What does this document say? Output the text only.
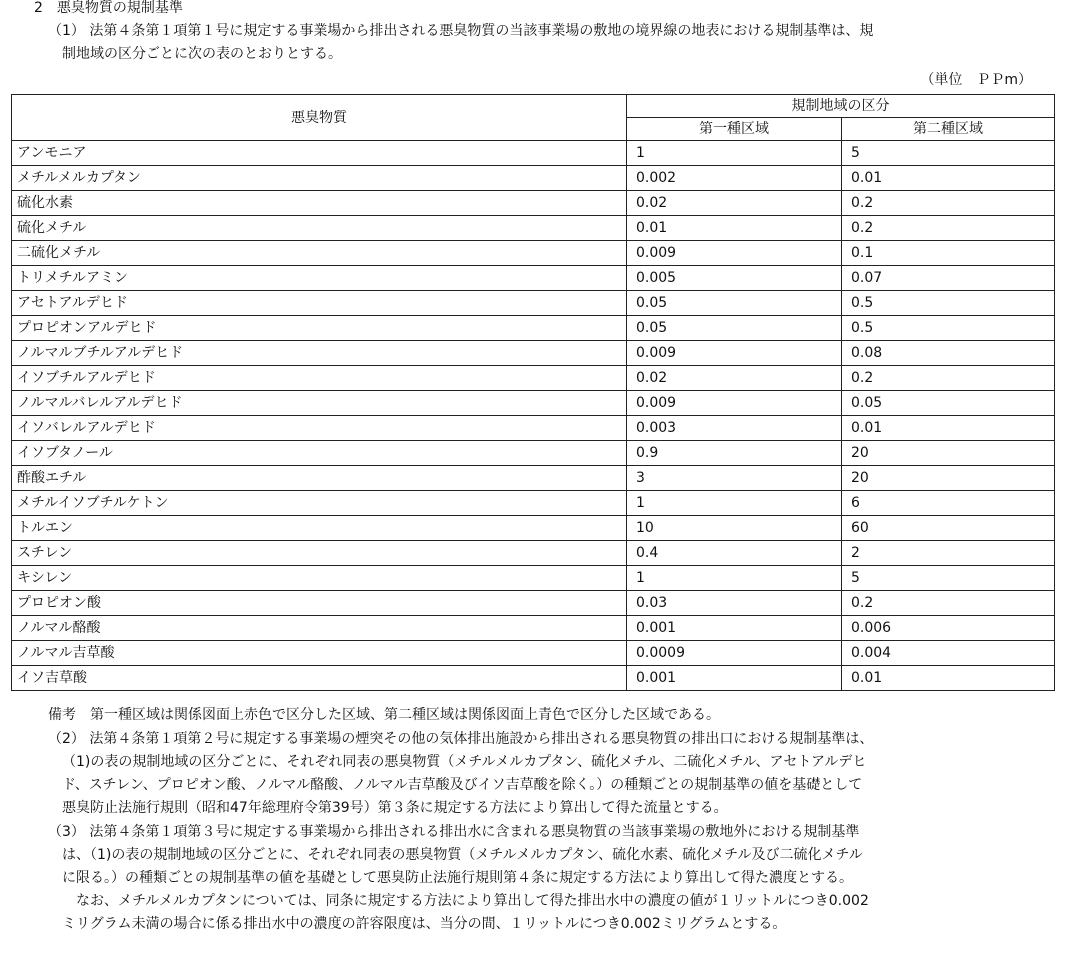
2　悪臭物質の規制基準
（1） 法第４条第１項第１号に規定する事業場から排出される悪臭物質の当該事業場の敷地の境界線の地表における規制基準は、規
制地域の区分ごとに次の表のとおりとする。
（単位　ＰＰm）
悪臭物質	規制地域の区分	
	第一種区域	第二種区域
アンモニア	1	5
メチルメルカプタン	0.002	0.01
硫化水素	0.02	0.2
硫化メチル	0.01	0.2
二硫化メチル	0.009	0.1
トリメチルアミン	0.005	0.07
アセトアルデヒド	0.05	0.5
プロピオンアルデヒド	0.05	0.5
ノルマルブチルアルデヒド	0.009	0.08
イソブチルアルデヒド	0.02	0.2
ノルマルバレルアルデヒド	0.009	0.05
イソバレルアルデヒド	0.003	0.01
イソブタノール	0.9	20
酢酸エチル	3	20
メチルイソブチルケトン	1	6
トルエン	10	60
スチレン	0.4	2
キシレン	1	5
プロピオン酸	0.03	0.2
ノルマル酪酸	0.001	0.006
ノルマル吉草酸	0.0009	0.004
イソ吉草酸	0.001	0.01
備考　第一種区域は関係図面上赤色で区分した区域、第二種区域は関係図面上青色で区分した区域である。
（2） 法第４条第１項第２号に規定する事業場の煙突その他の気体排出施設から排出される悪臭物質の排出口における規制基準は、
（1)の表の規制地域の区分ごとに、それぞれ同表の悪臭物質（メチルメルカプタン、硫化メチル、二硫化メチル、アセトアルデヒ
ド、スチレン、プロピオン酸、ノルマル酪酸、ノルマル吉草酸及びイソ吉草酸を除く。）の種類ごとの規制基準の値を基礎として
悪臭防止法施行規則（昭和47年総理府令第39号）第３条に規定する方法により算出して得た流量とする。
（3） 法第４条第１項第３号に規定する事業場から排出される排出水に含まれる悪臭物質の当該事業場の敷地外における規制基準
は、（1)の表の規制地域の区分ごとに、それぞれ同表の悪臭物質（メチルメルカプタン、硫化水素、硫化メチル及び二硫化メチル
に限る。）の種類ごとの規制基準の値を基礎として悪臭防止法施行規則第４条に規定する方法により算出して得た濃度とする。
　なお、メチルメルカプタンについては、同条に規定する方法により算出して得た排出水中の濃度の値が１リットルにつき0.002
ミリグラム未満の場合に係る排出水中の濃度の許容限度は、当分の間、１リットルにつき0.002ミリグラムとする。
